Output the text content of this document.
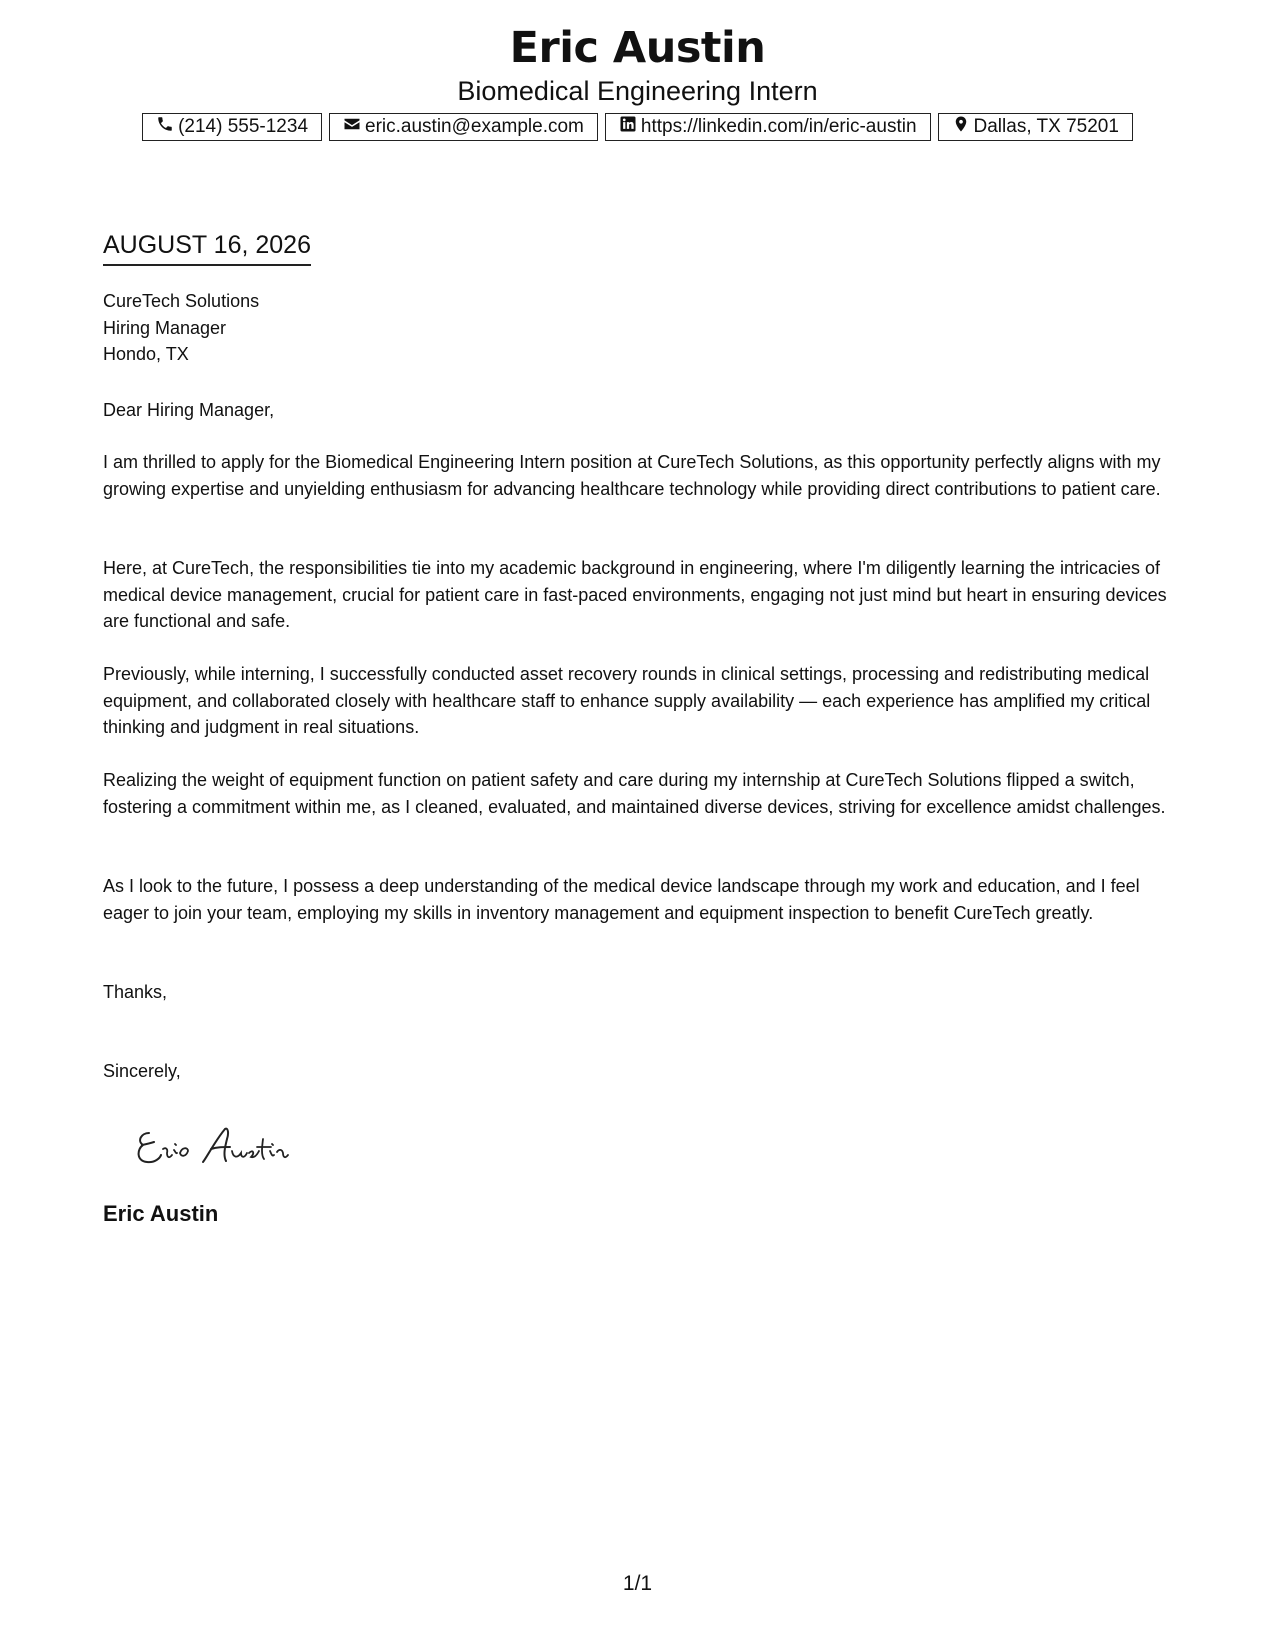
Eric Austin
Biomedical Engineering Intern
(214) 555-1234	eric.austin@example.com	https://linkedin.com/in/eric-austin	Dallas, TX 75201
AUGUST 16, 2026
CureTech Solutions
Hiring Manager
Hondo, TX
Dear Hiring Manager,

I am thrilled to apply for the Biomedical Engineering Intern position at CureTech Solutions, as this opportunity perfectly aligns with my growing expertise and unyielding enthusiasm for advancing healthcare technology while providing direct contributions to patient care.

Here, at CureTech, the responsibilities tie into my academic background in engineering, where I'm diligently learning the intricacies of medical device management, crucial for patient care in fast-paced environments, engaging not just mind but heart in ensuring devices are functional and safe.

Previously, while interning, I successfully conducted asset recovery rounds in clinical settings, processing and redistributing medical equipment, and collaborated closely with healthcare staff to enhance supply availability — each experience has amplified my critical thinking and judgment in real situations.

Realizing the weight of equipment function on patient safety and care during my internship at CureTech Solutions flipped a switch, fostering a commitment within me, as I cleaned, evaluated, and maintained diverse devices, striving for excellence amidst challenges.

As I look to the future, I possess a deep understanding of the medical device landscape through my work and education, and I feel eager to join your team, employing my skills in inventory management and equipment inspection to benefit CureTech greatly.

Thanks,
Sincerely,
Eric Austin
1/1
